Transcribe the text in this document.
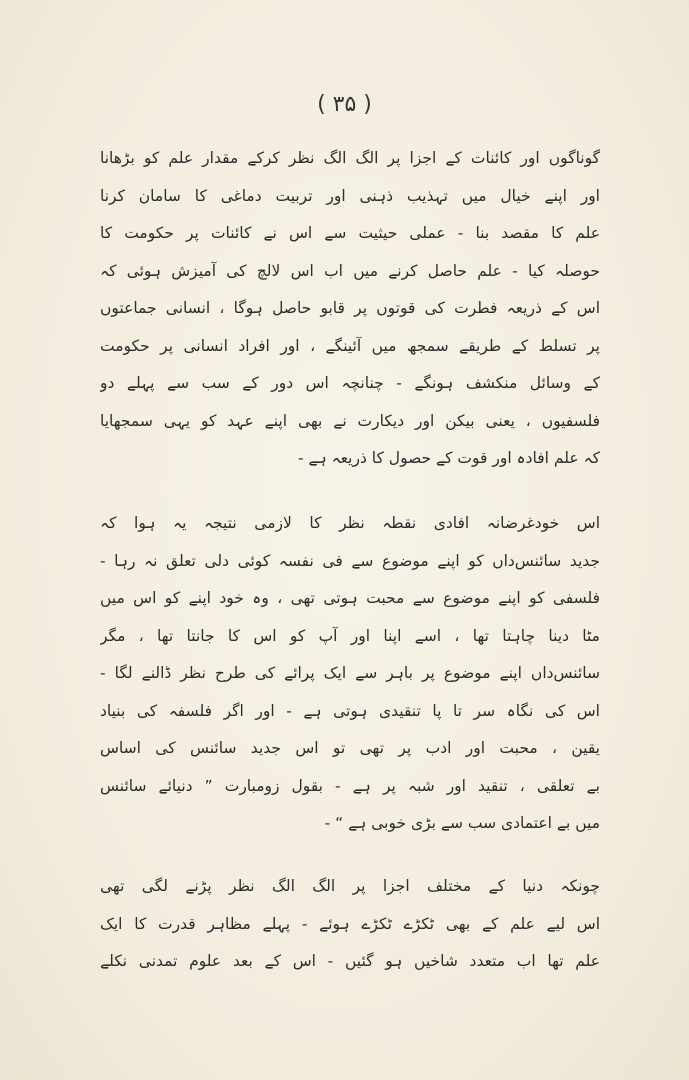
( ۳۵ )
گوناگوں اور کائنات کے اجزا پر الگ الگ نظر کرکے مقدار علم کو بڑھانا
اور اپنے خیال میں تہذیب ذہنی اور تربیت دماغی کا سامان کرنا
علم کا مقصد بنا - عملی حیثیت سے اس نے کائنات پر حکومت کا
حوصلہ کیا - علم حاصل کرنے میں اب اس لالچ کی آمیزش ہوئی کہ
اس کے ذریعہ فطرت کی قوتوں پر قابو حاصل ہوگا ، انسانی جماعتوں
پر تسلط کے طریقے سمجھ میں آئینگے ، اور افراد انسانی پر حکومت
کے وسائل منکشف ہونگے - چنانچہ اس دور کے سب سے پہلے دو
فلسفیوں ، یعنی بیکن اور دیکارت نے بھی اپنے عہد کو یہی سمجھایا
کہ علم افادہ اور قوت کے حصول کا ذریعہ ہے -
اس خودغرضانہ افادی نقطہ نظر کا لازمی نتیجہ یہ ہوا کہ
جدید سائنس‌داں کو اپنے موضوع سے فی نفسہ کوئی دلی تعلق نہ رہا -
فلسفی کو اپنے موضوع سے محبت ہوتی تھی ، وہ خود اپنے کو اس میں
مٹا دینا چاہتا تھا ، اسے اپنا اور آپ کو اس کا جانتا تھا ، مگر
سائنس‌داں اپنے موضوع پر باہر سے ایک پرائے کی طرح نظر ڈالنے لگا -
اس کی نگاہ سر تا پا تنقیدی ہوتی ہے - اور اگر فلسفہ کی بنیاد
یقین ، محبت اور ادب پر تھی تو اس جدید سائنس کی اساس
بے تعلقی ، تنقید اور شبہ پر ہے - بقول زومبارت ” دنیائے سائنس
میں بے اعتمادی سب سے بڑی خوبی ہے “ -
چونکہ دنیا کے مختلف اجزا پر الگ الگ نظر پڑنے لگی تھی
اس لیے علم کے بھی ٹکڑے ٹکڑے ہوئے - پہلے مظاہر قدرت کا ایک
علم تھا اب متعدد شاخیں ہو گئیں - اس کے بعد علوم تمدنی نکلے
